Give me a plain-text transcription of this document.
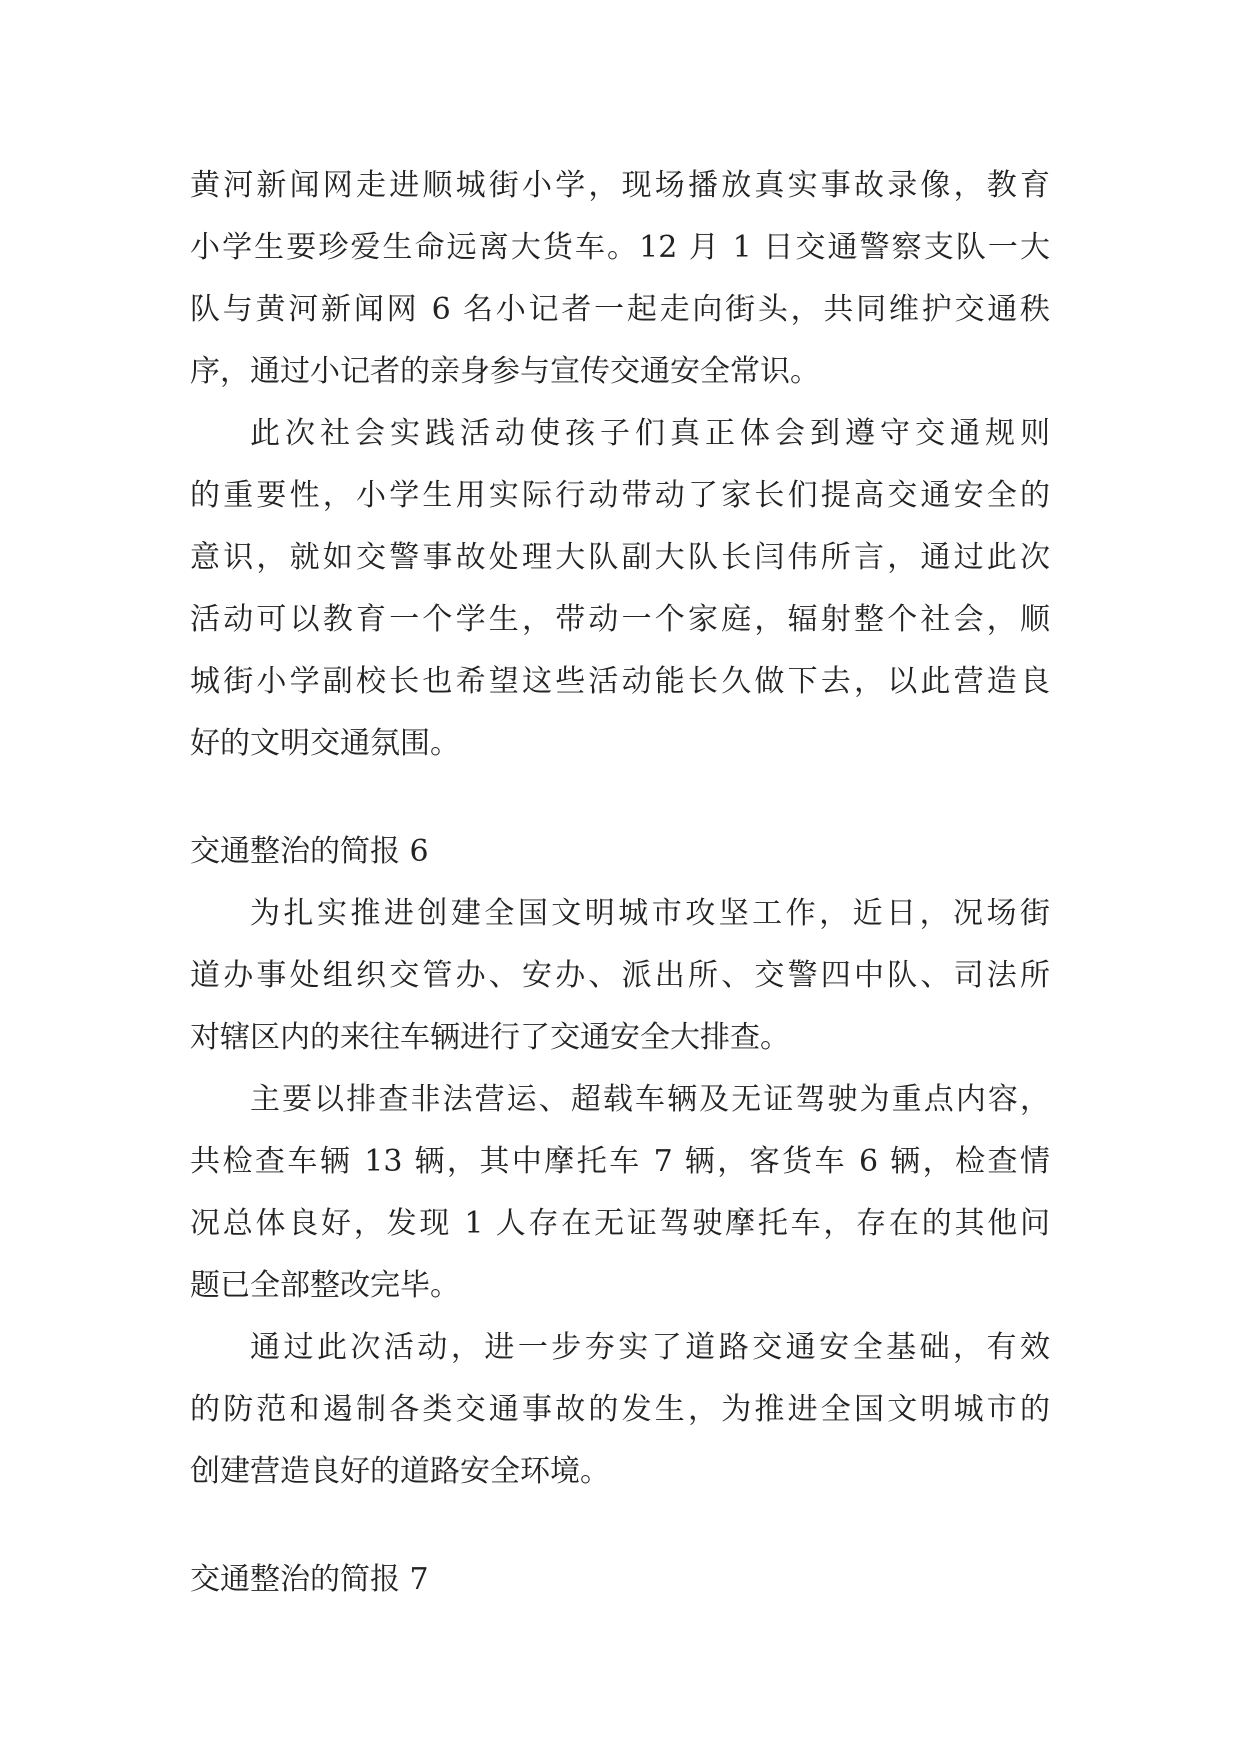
黄河新闻网走进顺城街小学，现场播放真实事故录像，教育
小学生要珍爱生命远离大货车。12 月 1 日交通警察支队一大
队与黄河新闻网 6 名小记者一起走向街头，共同维护交通秩
序，通过小记者的亲身参与宣传交通安全常识。
此次社会实践活动使孩子们真正体会到遵守交通规则
的重要性，小学生用实际行动带动了家长们提高交通安全的
意识，就如交警事故处理大队副大队长闫伟所言，通过此次
活动可以教育一个学生，带动一个家庭，辐射整个社会，顺
城街小学副校长也希望这些活动能长久做下去，以此营造良
好的文明交通氛围。
交通整治的简报 6
为扎实推进创建全国文明城市攻坚工作，近日，况场街
道办事处组织交管办、安办、派出所、交警四中队、司法所
对辖区内的来往车辆进行了交通安全大排查。
主要以排查非法营运、超载车辆及无证驾驶为重点内容，
共检查车辆 13 辆，其中摩托车 7 辆，客货车 6 辆，检查情
况总体良好，发现 1 人存在无证驾驶摩托车，存在的其他问
题已全部整改完毕。
通过此次活动，进一步夯实了道路交通安全基础，有效
的防范和遏制各类交通事故的发生，为推进全国文明城市的
创建营造良好的道路安全环境。
交通整治的简报 7
